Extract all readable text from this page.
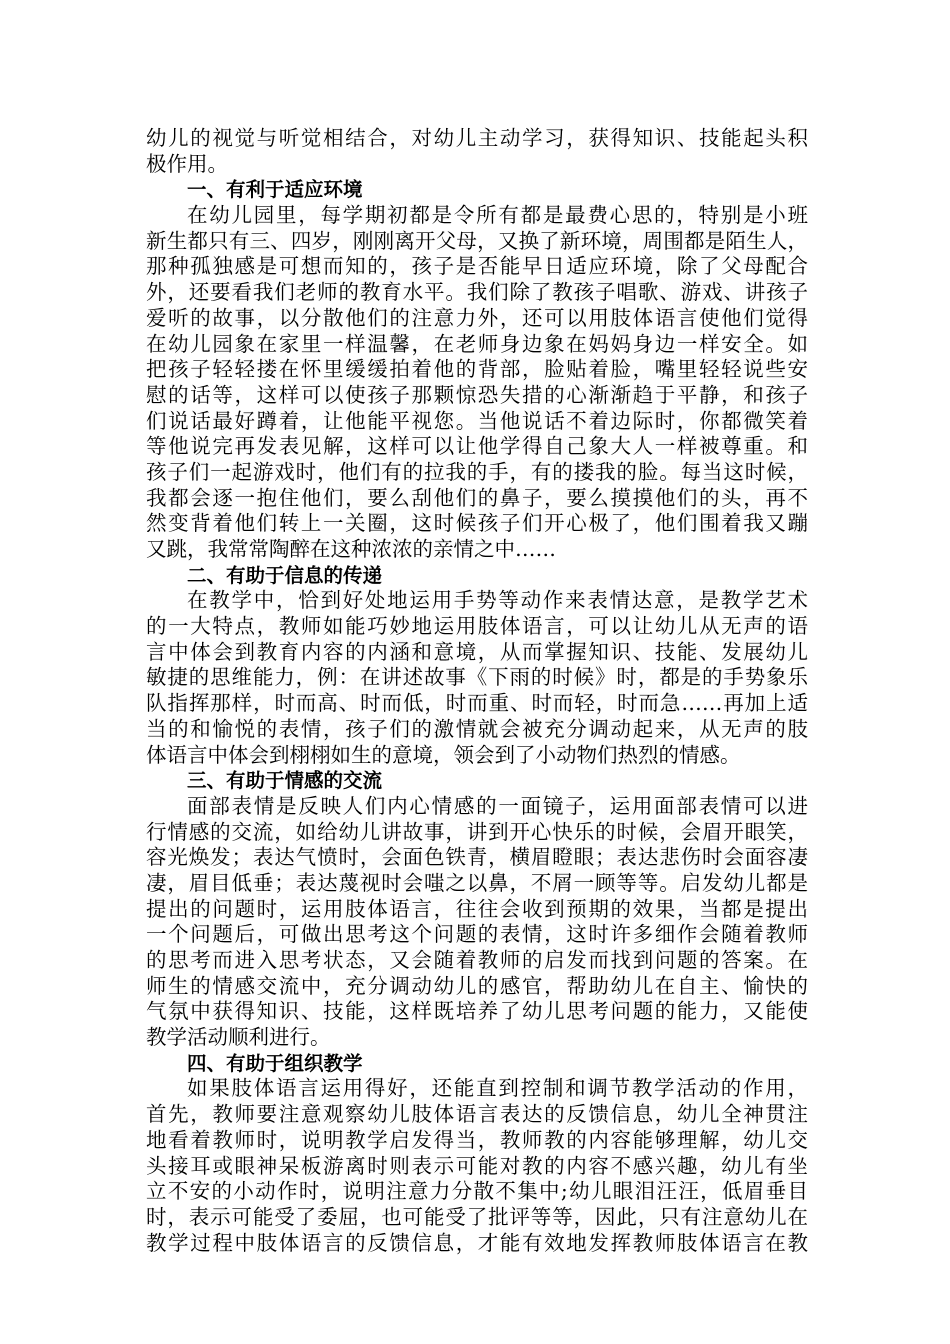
幼儿的视觉与听觉相结合，对幼儿主动学习，获得知识、技能起头积
极作用。
一、有利于适应环境
在幼儿园里，每学期初都是令所有都是最费心思的，特别是小班
新生都只有三、四岁，刚刚离开父母，又换了新环境，周围都是陌生人，
那种孤独感是可想而知的，孩子是否能早日适应环境，除了父母配合
外，还要看我们老师的教育水平。我们除了教孩子唱歌、游戏、讲孩子
爱听的故事，以分散他们的注意力外，还可以用肢体语言使他们觉得
在幼儿园象在家里一样温馨，在老师身边象在妈妈身边一样安全。如
把孩子轻轻搂在怀里缓缓拍着他的背部，脸贴着脸，嘴里轻轻说些安
慰的话等，这样可以使孩子那颗惊恐失措的心渐渐趋于平静，和孩子
们说话最好蹲着，让他能平视您。当他说话不着边际时，你都微笑着
等他说完再发表见解，这样可以让他学得自己象大人一样被尊重。和
孩子们一起游戏时，他们有的拉我的手，有的搂我的脸。每当这时候，
我都会逐一抱住他们，要么刮他们的鼻子，要么摸摸他们的头，再不
然变背着他们转上一关圈，这时候孩子们开心极了，他们围着我又蹦
又跳，我常常陶醉在这种浓浓的亲情之中……
二、有助于信息的传递
在教学中，恰到好处地运用手势等动作来表情达意，是教学艺术
的一大特点，教师如能巧妙地运用肢体语言，可以让幼儿从无声的语
言中体会到教育内容的内涵和意境，从而掌握知识、技能、发展幼儿
敏捷的思维能力，例：在讲述故事《下雨的时候》时，都是的手势象乐
队指挥那样，时而高、时而低，时而重、时而轻，时而急……再加上适
当的和愉悦的表情，孩子们的激情就会被充分调动起来，从无声的肢
体语言中体会到栩栩如生的意境，领会到了小动物们热烈的情感。
三、有助于情感的交流
面部表情是反映人们内心情感的一面镜子，运用面部表情可以进
行情感的交流，如给幼儿讲故事，讲到开心快乐的时候，会眉开眼笑，
容光焕发；表达气愤时，会面色铁青，横眉瞪眼；表达悲伤时会面容凄
凄，眉目低垂；表达蔑视时会嗤之以鼻，不屑一顾等等。启发幼儿都是
提出的问题时，运用肢体语言，往往会收到预期的效果，当都是提出
一个问题后，可做出思考这个问题的表情，这时许多细作会随着教师
的思考而进入思考状态，又会随着教师的启发而找到问题的答案。在
师生的情感交流中，充分调动幼儿的感官，帮助幼儿在自主、愉快的
气氛中获得知识、技能，这样既培养了幼儿思考问题的能力，又能使
教学活动顺利进行。
四、有助于组织教学
如果肢体语言运用得好，还能直到控制和调节教学活动的作用，
首先，教师要注意观察幼儿肢体语言表达的反馈信息，幼儿全神贯注
地看着教师时，说明教学启发得当，教师教的内容能够理解，幼儿交
头接耳或眼神呆板游离时则表示可能对教的内容不感兴趣，幼儿有坐
立不安的小动作时，说明注意力分散不集中;幼儿眼泪汪汪，低眉垂目
时，表示可能受了委屈，也可能受了批评等等，因此，只有注意幼儿在
教学过程中肢体语言的反馈信息，才能有效地发挥教师肢体语言在教
